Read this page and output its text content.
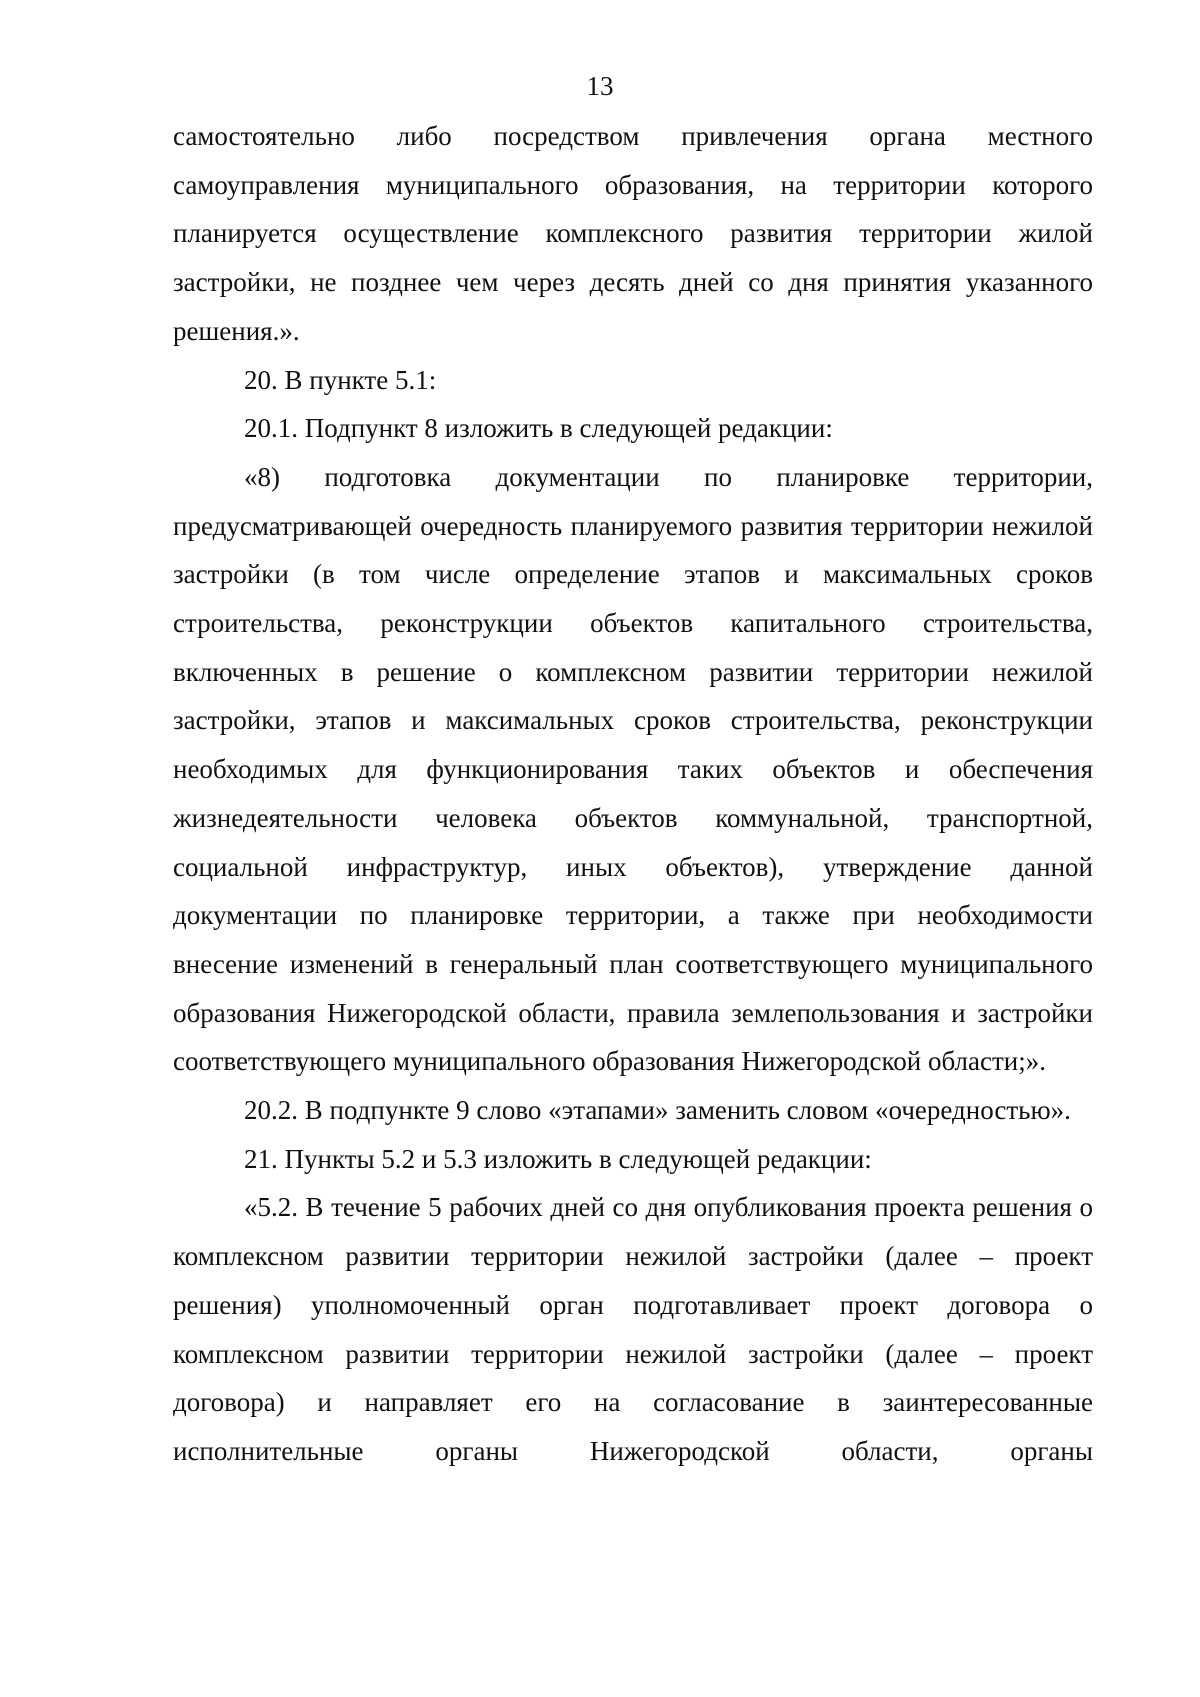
13

самостоятельно либо посредством привлечения органа местного самоуправления муниципального образования, на территории которого планируется осуществление комплексного развития территории жилой застройки, не позднее чем через десять дней со дня принятия указанного решения.».

20. В пункте 5.1:

20.1. Подпункт 8 изложить в следующей редакции:

«8) подготовка документации по планировке территории, предусматривающей очередность планируемого развития территории нежилой застройки (в том числе определение этапов и максимальных сроков строительства, реконструкции объектов капитального строительства, включенных в решение о комплексном развитии территории нежилой застройки, этапов и максимальных сроков строительства, реконструкции необходимых для функционирования таких объектов и обеспечения жизнедеятельности человека объектов коммунальной, транспортной, социальной инфраструктур, иных объектов), утверждение данной документации по планировке территории, а также при необходимости внесение изменений в генеральный план соответствующего муниципального образования Нижегородской области, правила землепользования и застройки соответствующего муниципального образования Нижегородской области;».

20.2. В подпункте 9 слово «этапами» заменить словом «очередностью».

21. Пункты 5.2 и 5.3 изложить в следующей редакции:

«5.2. В течение 5 рабочих дней со дня опубликования проекта решения о комплексном развитии территории нежилой застройки (далее – проект решения) уполномоченный орган подготавливает проект договора о комплексном развитии территории нежилой застройки (далее – проект договора) и направляет его на согласование в заинтересованные исполнительные органы Нижегородской области, органы
